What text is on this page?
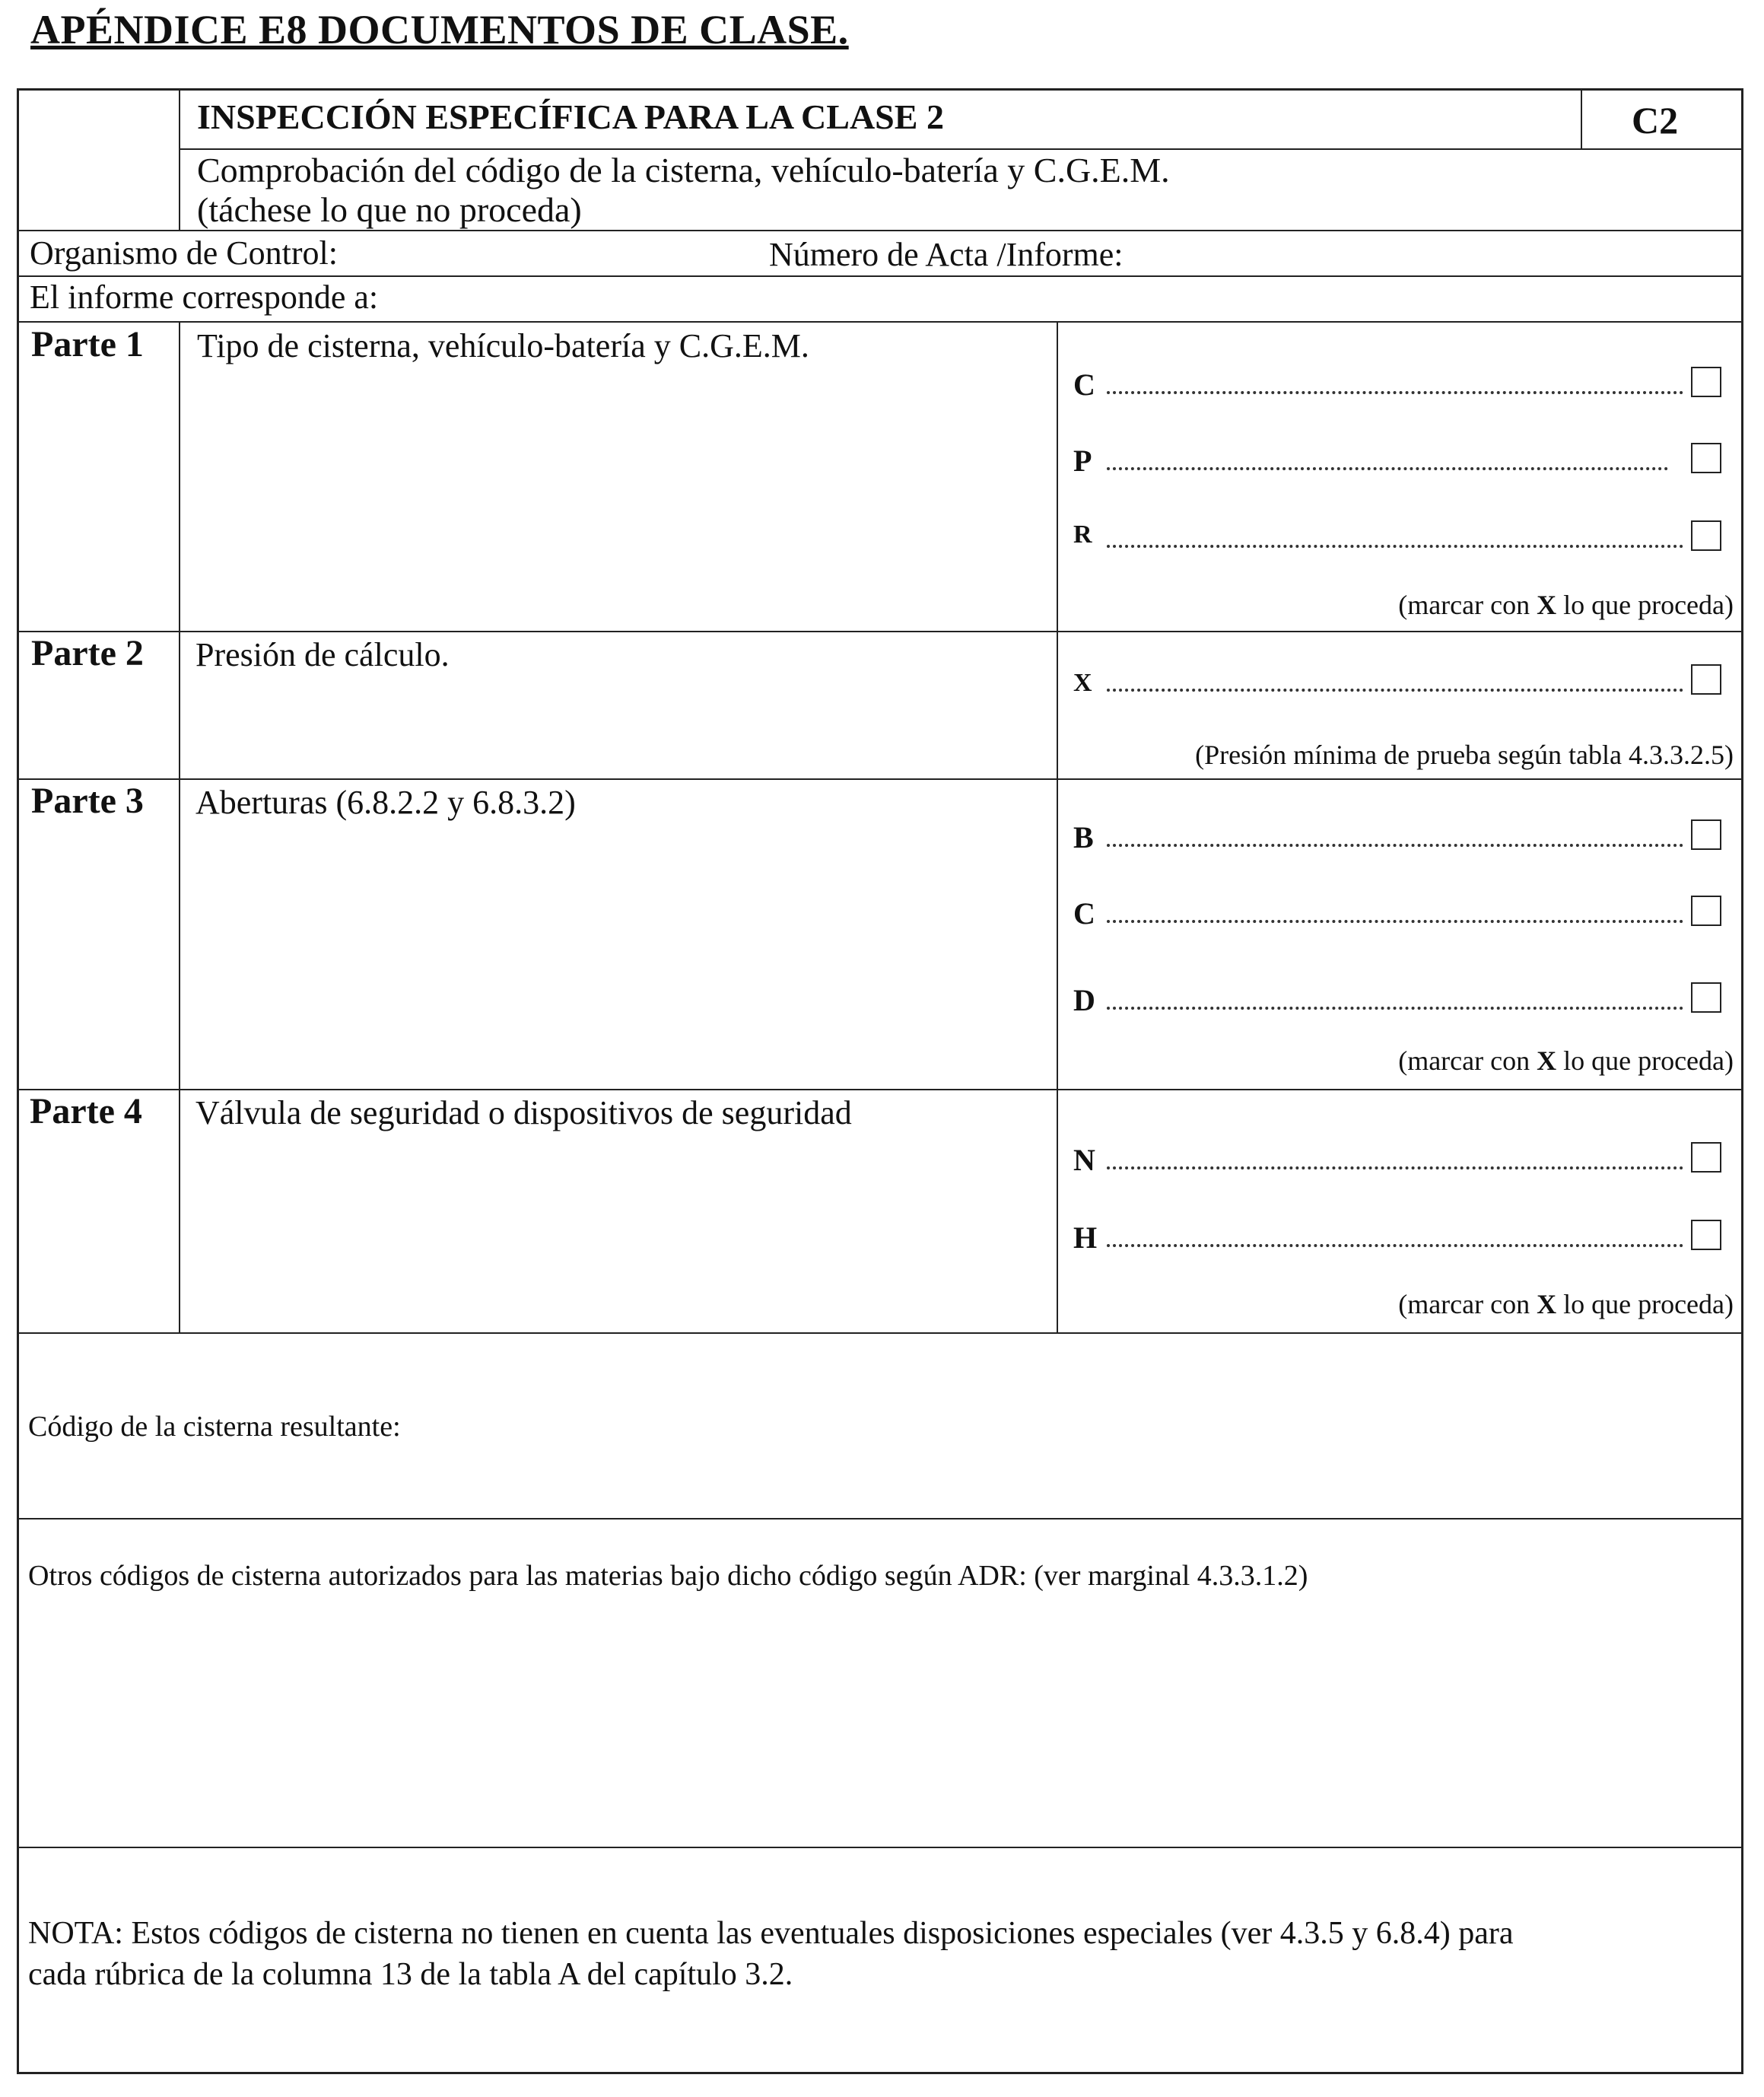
APÉNDICE E8 DOCUMENTOS DE CLASE.
INSPECCIÓN ESPECÍFICA PARA LA CLASE 2	C2
Comprobación del código de la cisterna, vehículo-batería y C.G.E.M.
(táchese lo que no proceda)
Organismo de Control:	Número de Acta /Informe:
El informe corresponde a:
Parte 1 Tipo de cisterna, vehículo-batería y C.G.E.M.
C
P
R
(marcar con X lo que proceda)
Parte 2 Presión de cálculo.
X
(Presión mínima de prueba según tabla 4.3.3.2.5)
Parte 3 Aberturas (6.8.2.2 y 6.8.3.2)
B
C
D
(marcar con X lo que proceda)
Parte 4 Válvula de seguridad o dispositivos de seguridad
N
H
(marcar con X lo que proceda)
Código de la cisterna resultante:
Otros códigos de cisterna autorizados para las materias bajo dicho código según ADR: (ver marginal 4.3.3.1.2)
NOTA: Estos códigos de cisterna no tienen en cuenta las eventuales disposiciones especiales (ver 4.3.5 y 6.8.4) para
cada rúbrica de la columna 13 de la tabla A del capítulo 3.2.
